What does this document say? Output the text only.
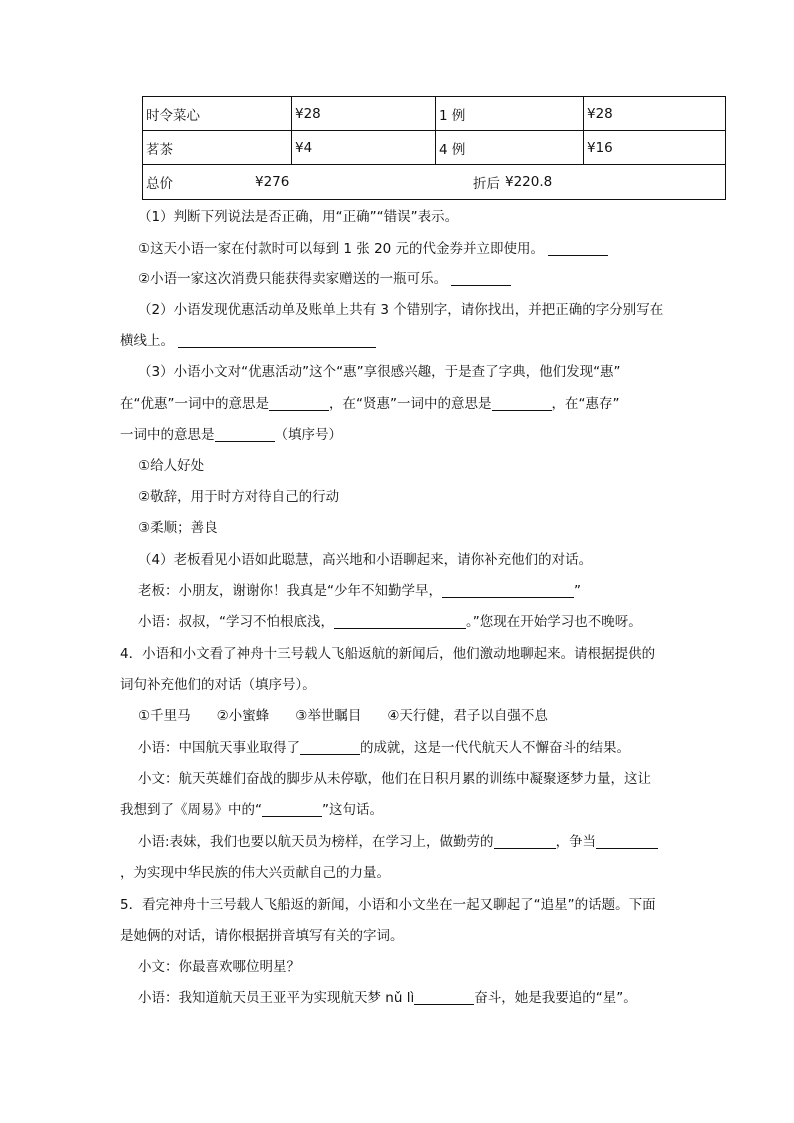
时令菜心	¥28	1 例	¥28
茗茶	¥4	4 例	¥16

总价 ¥276 折后 ¥220.8			
（1）判断下列说法是否正确，用“正确”“错误”表示。
①这天小语一家在付款时可以每到 1 张 20 元的代金券并立即使用。
②小语一家这次消费只能获得卖家赠送的一瓶可乐。
（2）小语发现优惠活动单及账单上共有 3 个错别字，请你找出，并把正确的字分别写在
横线上。
（3）小语小文对“优惠活动”这个“惠”享很感兴趣，于是查了字典，他们发现“惠”
在“优惠”一词中的意思是	，在“贤惠”一词中的意思是	，在“惠存”
一词中的意思是	（填序号）
①给人好处
②敬辞，用于时方对待自己的行动
③柔顺；善良
（4）老板看见小语如此聪慧，高兴地和小语聊起来，请你补充他们的对话。
老板：小朋友，谢谢你！我真是“少年不知勤学早，	”
小语：叔叔，“学习不怕根底浅，	。”您现在开始学习也不晚呀。
4．小语和小文看了神舟十三号载人飞船返航的新闻后，他们激动地聊起来。请根据提供的
词句补充他们的对话（填序号）。
①千里马 ②小蜜蜂 ③举世瞩目 ④天行健，君子以自强不息
小语：中国航天事业取得了	的成就，这是一代代航天人不懈奋斗的结果。
小文：航天英雄们奋战的脚步从未停歇，他们在日积月累的训练中凝聚逐梦力量，这让
我想到了《周易》中的“	”这句话。
小语:表妹，我们也要以航天员为榜样，在学习上，做勤劳的	，争当
，为实现中华民族的伟大兴贡献自己的力量。
5．看完神舟十三号载人飞船返的新闻，小语和小文坐在一起又聊起了“追星”的话题。下面
是她俩的对话，请你根据拼音填写有关的字词。
小文：你最喜欢哪位明星？
小语：我知道航天员王亚平为实现航天梦 nǔ lì	奋斗，她是我要追的“星”。
